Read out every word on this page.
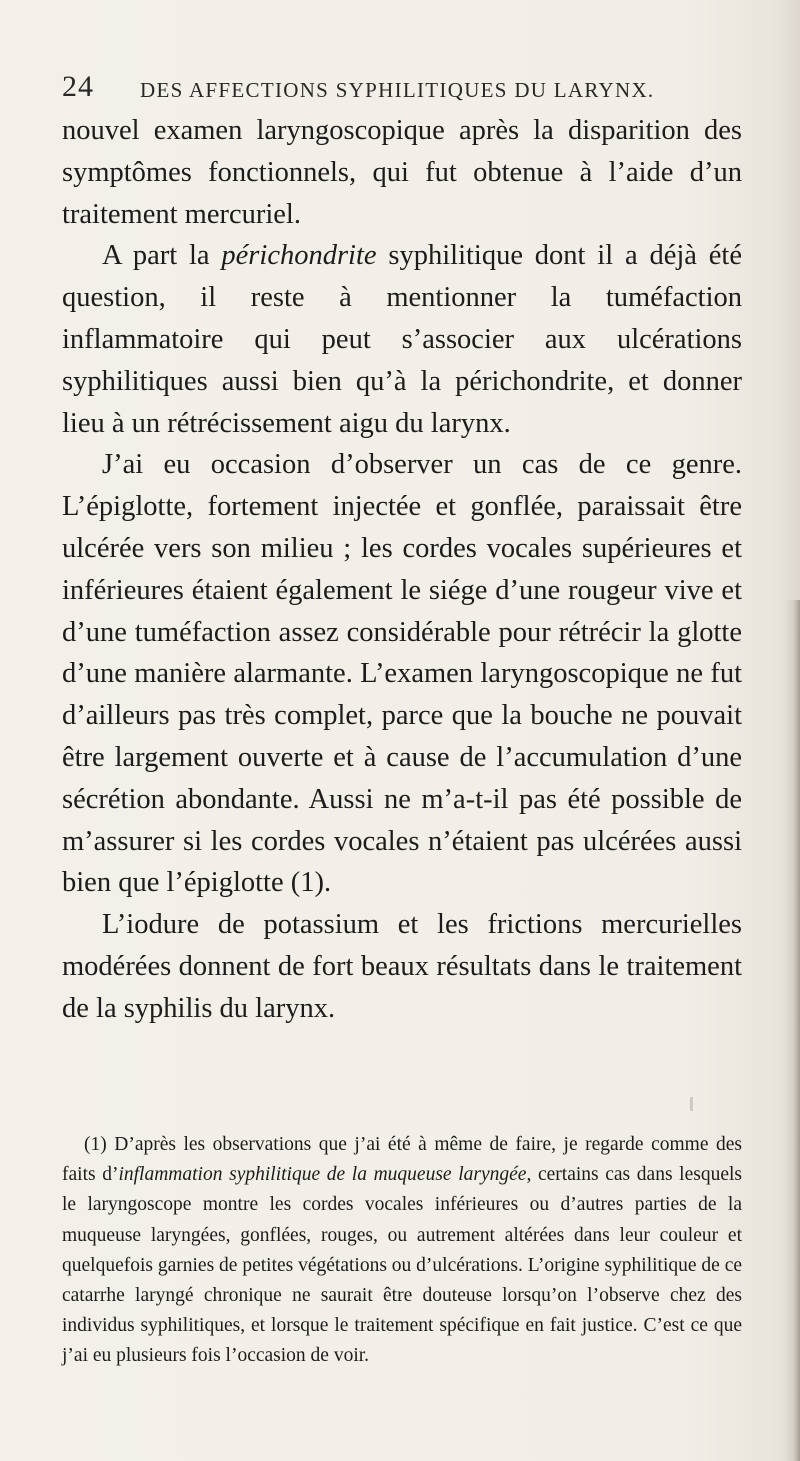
24 DES AFFECTIONS SYPHILITIQUES DU LARYNX.

nouvel examen laryngoscopique après la disparition des symptômes fonctionnels, qui fut obtenue à l’aide d’un traitement mercuriel.

A part la périchondrite syphilitique dont il a déjà été question, il reste à mentionner la tuméfaction inflammatoire qui peut s’associer aux ulcérations syphilitiques aussi bien qu’à la périchondrite, et donner lieu à un rétrécissement aigu du larynx.

J’ai eu occasion d’observer un cas de ce genre. L’épiglotte, fortement injectée et gonflée, paraissait être ulcérée vers son milieu ; les cordes vocales supérieures et inférieures étaient également le siége d’une rougeur vive et d’une tuméfaction assez considérable pour rétrécir la glotte d’une manière alarmante. L’examen laryngoscopique ne fut d’ailleurs pas très complet, parce que la bouche ne pouvait être largement ouverte et à cause de l’accumulation d’une sécrétion abondante. Aussi ne m’a-t-il pas été possible de m’assurer si les cordes vocales n’étaient pas ulcérées aussi bien que l’épiglotte (1).

L’iodure de potassium et les frictions mercurielles modérées donnent de fort beaux résultats dans le traitement de la syphilis du larynx.

(1) D’après les observations que j’ai été à même de faire, je regarde comme des faits d’inflammation syphilitique de la muqueuse laryngée, certains cas dans lesquels le laryngoscope montre les cordes vocales inférieures ou d’autres parties de la muqueuse laryngées, gonflées, rouges, ou autrement altérées dans leur couleur et quelquefois garnies de petites végétations ou d’ulcérations. L’origine syphilitique de ce catarrhe laryngé chronique ne saurait être douteuse lorsqu’on l’observe chez des individus syphilitiques, et lorsque le traitement spécifique en fait justice. C’est ce que j’ai eu plusieurs fois l’occasion de voir.
